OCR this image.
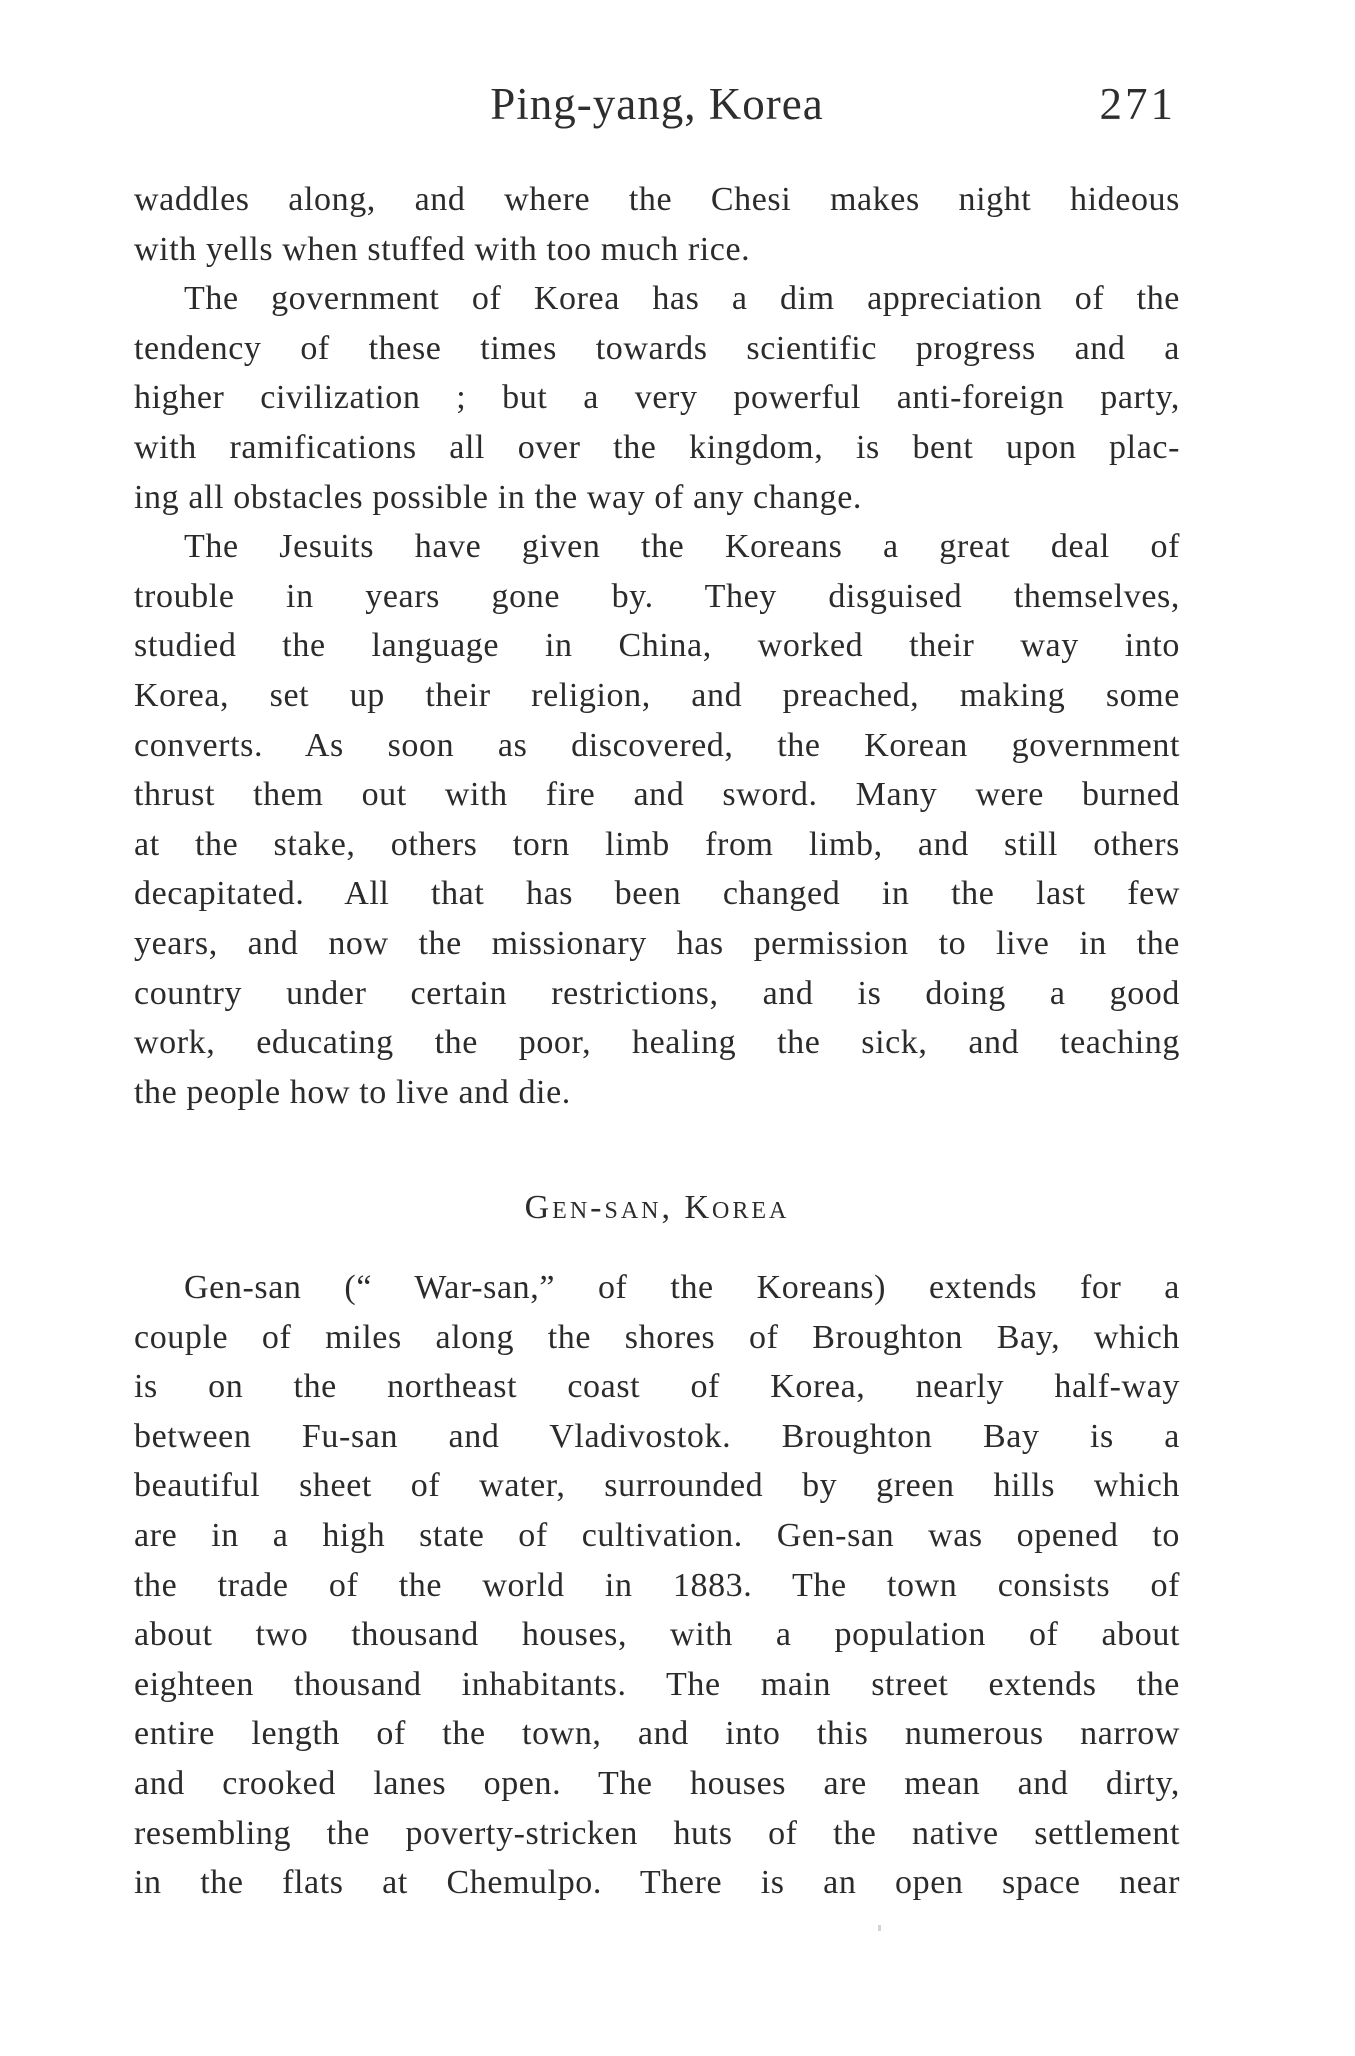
Ping-yang, Korea	271
waddles along, and where the Chesi makes night hideous
with yells when stuffed with too much rice.
The government of Korea has a dim appreciation of the
tendency of these times towards scientific progress and a
higher civilization ; but a very powerful anti-foreign party,
with ramifications all over the kingdom, is bent upon plac-
ing all obstacles possible in the way of any change.
The Jesuits have given the Koreans a great deal of
trouble in years gone by. They disguised themselves,
studied the language in China, worked their way into
Korea, set up their religion, and preached, making some
converts. As soon as discovered, the Korean government
thrust them out with fire and sword. Many were burned
at the stake, others torn limb from limb, and still others
decapitated. All that has been changed in the last few
years, and now the missionary has permission to live in the
country under certain restrictions, and is doing a good
work, educating the poor, healing the sick, and teaching
the people how to live and die.
Gen-san, Korea
Gen-san (“ War-san,” of the Koreans) extends for a
couple of miles along the shores of Broughton Bay, which
is on the northeast coast of Korea, nearly half-way
between Fu-san and Vladivostok. Broughton Bay is a
beautiful sheet of water, surrounded by green hills which
are in a high state of cultivation. Gen-san was opened to
the trade of the world in 1883. The town consists of
about two thousand houses, with a population of about
eighteen thousand inhabitants. The main street extends the
entire length of the town, and into this numerous narrow
and crooked lanes open. The houses are mean and dirty,
resembling the poverty-stricken huts of the native settlement
in the flats at Chemulpo. There is an open space near
